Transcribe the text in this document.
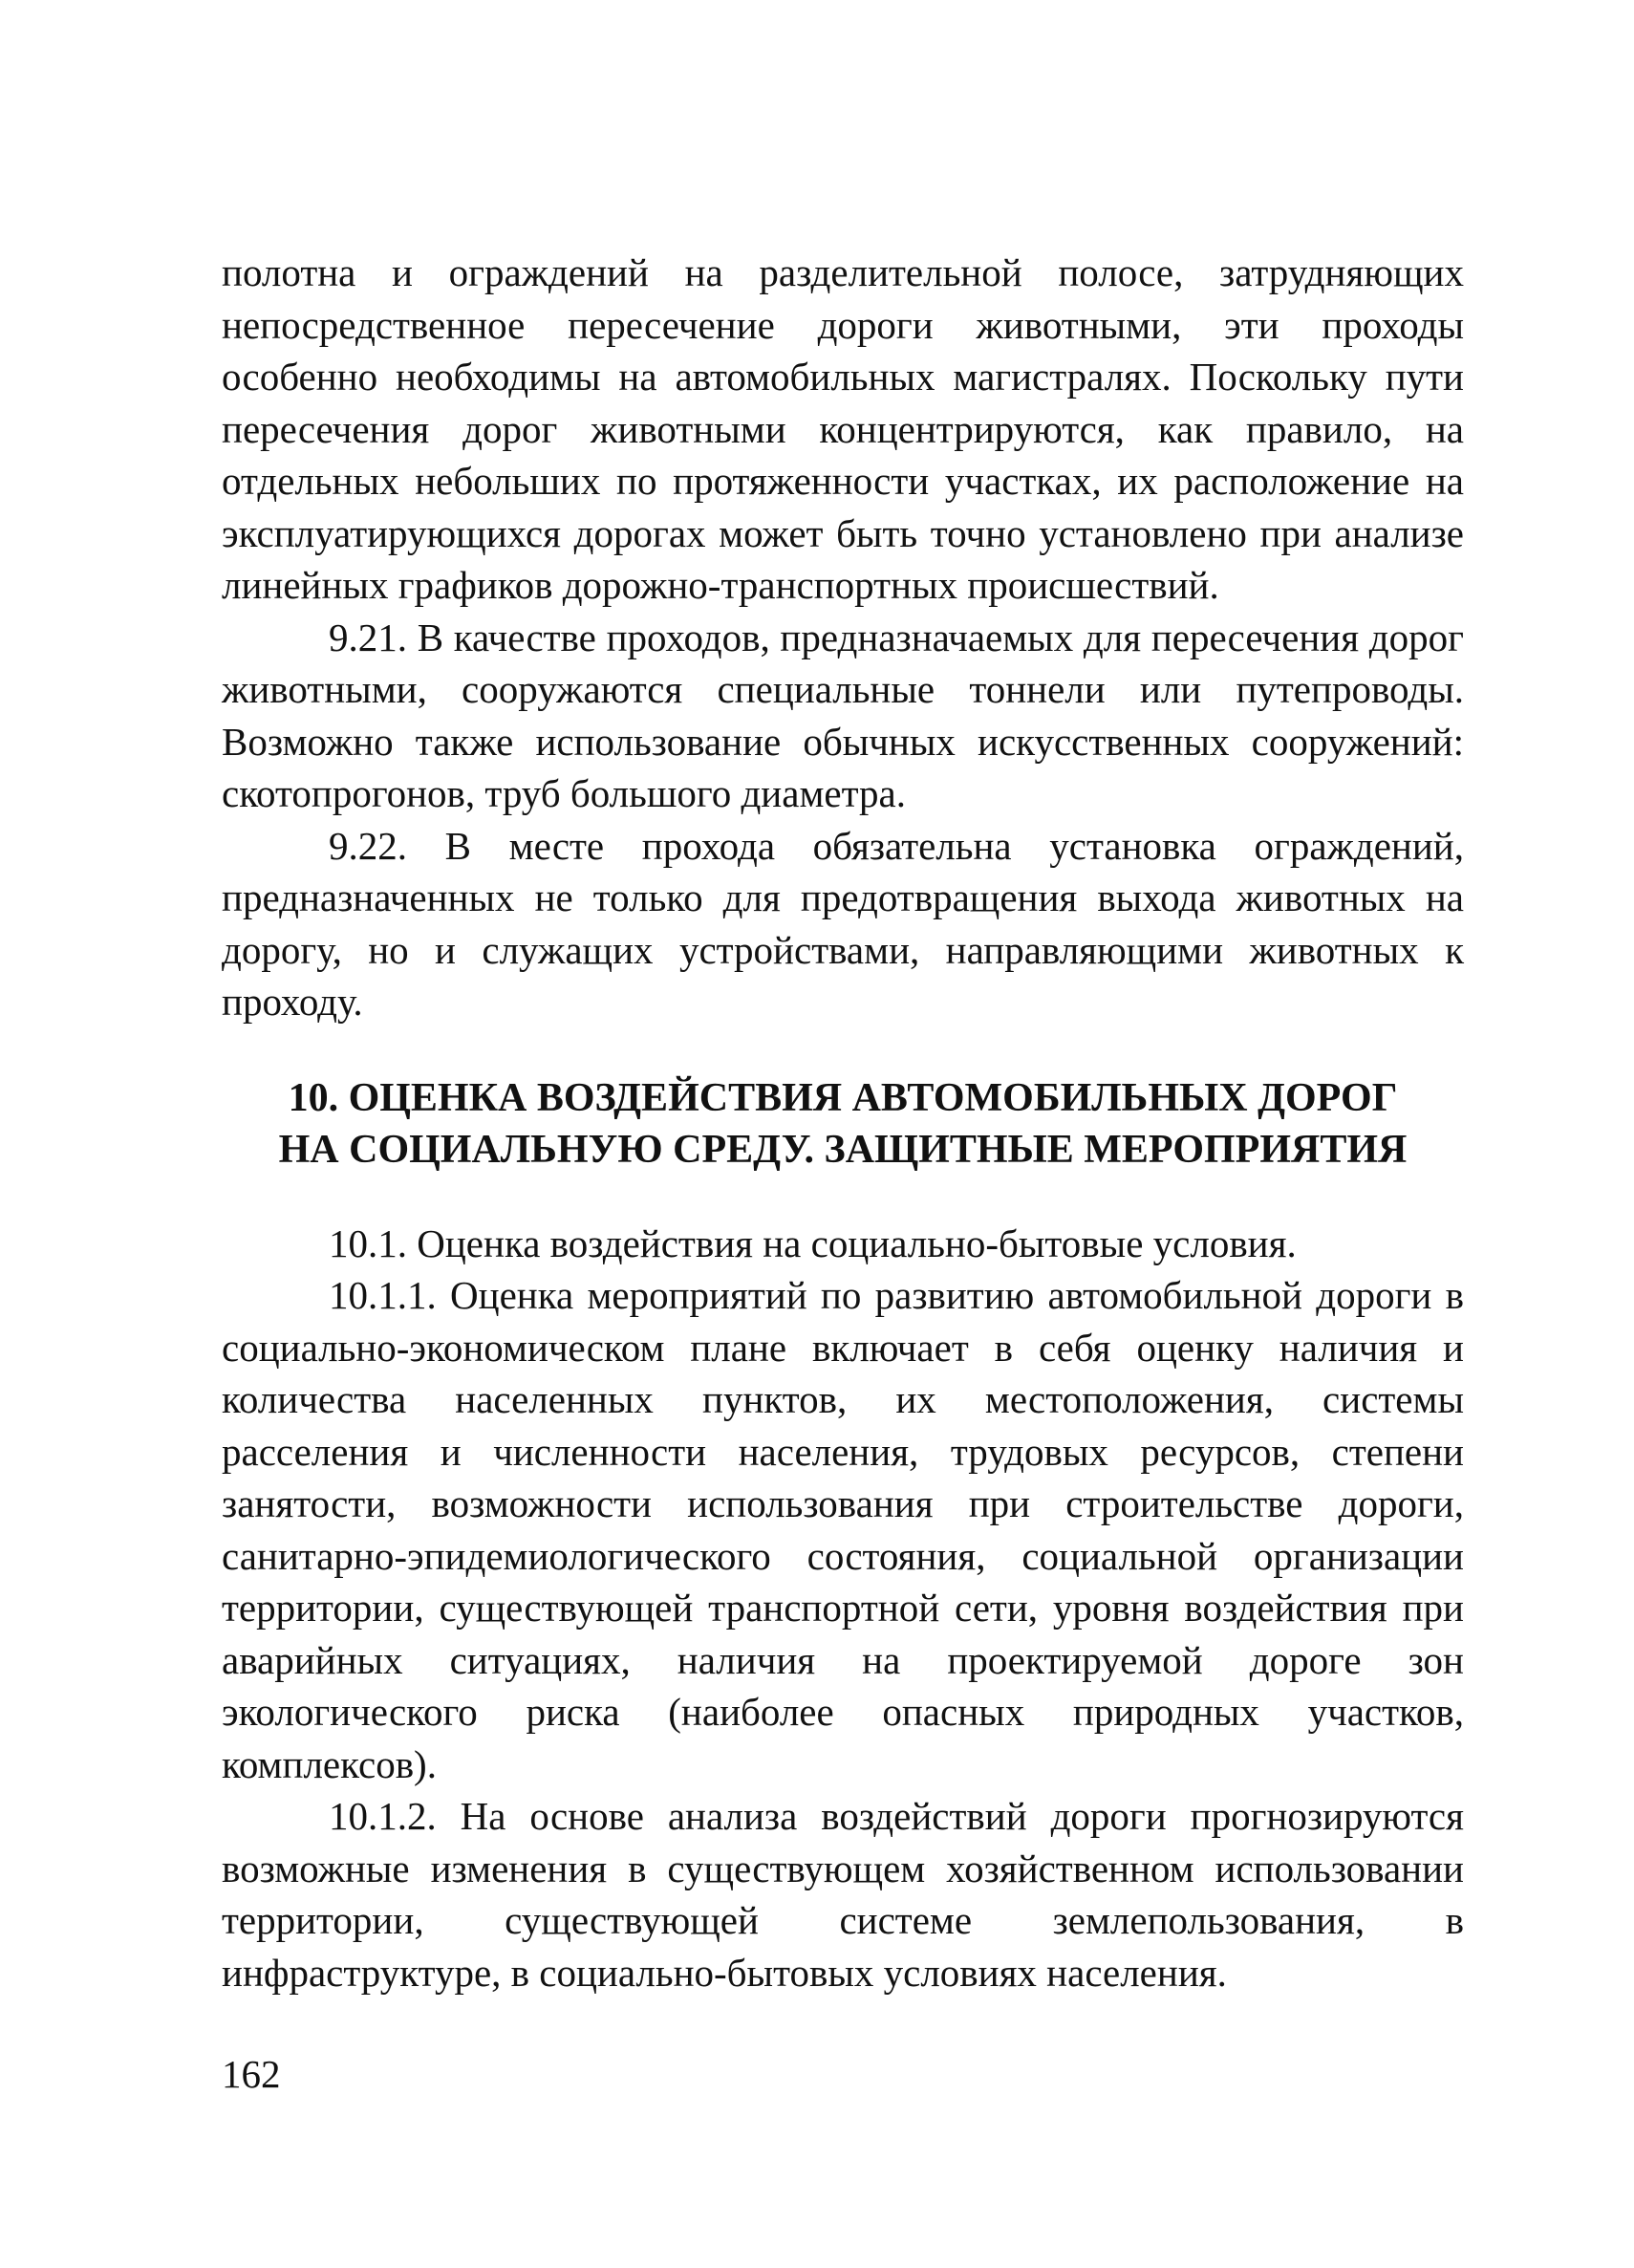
полотна и ограждений на разделительной полосе, затрудняющих непосредственное пересечение дороги животными, эти проходы особенно необходимы на автомобильных магистралях. Поскольку пути пересечения дорог животными концентрируются, как правило, на отдельных небольших по протяженности участках, их расположение на эксплуатирующихся дорогах может быть точно установлено при анализе линейных графиков дорожно-транспортных происшествий.

9.21. В качестве проходов, предназначаемых для пересечения дорог животными, сооружаются специальные тоннели или путепроводы. Возможно также использование обычных искусственных сооружений: скотопрогонов, труб большого диаметра.

9.22. В месте прохода обязательна установка ограждений, предназначенных не только для предотвращения выхода животных на дорогу, но и служащих устройствами, направляющими животных к проходу.

10. ОЦЕНКА ВОЗДЕЙСТВИЯ АВТОМОБИЛЬНЫХ ДОРОГ
НА СОЦИАЛЬНУЮ СРЕДУ. ЗАЩИТНЫЕ МЕРОПРИЯТИЯ

10.1. Оценка воздействия на социально-бытовые условия.

10.1.1. Оценка мероприятий по развитию автомобильной дороги в социально-экономическом плане включает в себя оценку наличия и количества населенных пунктов, их местоположения, системы расселения и численности населения, трудовых ресурсов, степени занятости, возможности использования при строительстве дороги, санитарно-эпидемиологического состояния, социальной организации территории, существующей транспортной сети, уровня воздействия при аварийных ситуациях, наличия на проектируемой дороге зон экологического риска (наиболее опасных природных участков, комплексов).

10.1.2. На основе анализа воздействий дороги прогнозируются возможные изменения в существующем хозяйственном использовании территории, существующей системе землепользования, в инфраструктуре, в социально-бытовых условиях населения.

162
